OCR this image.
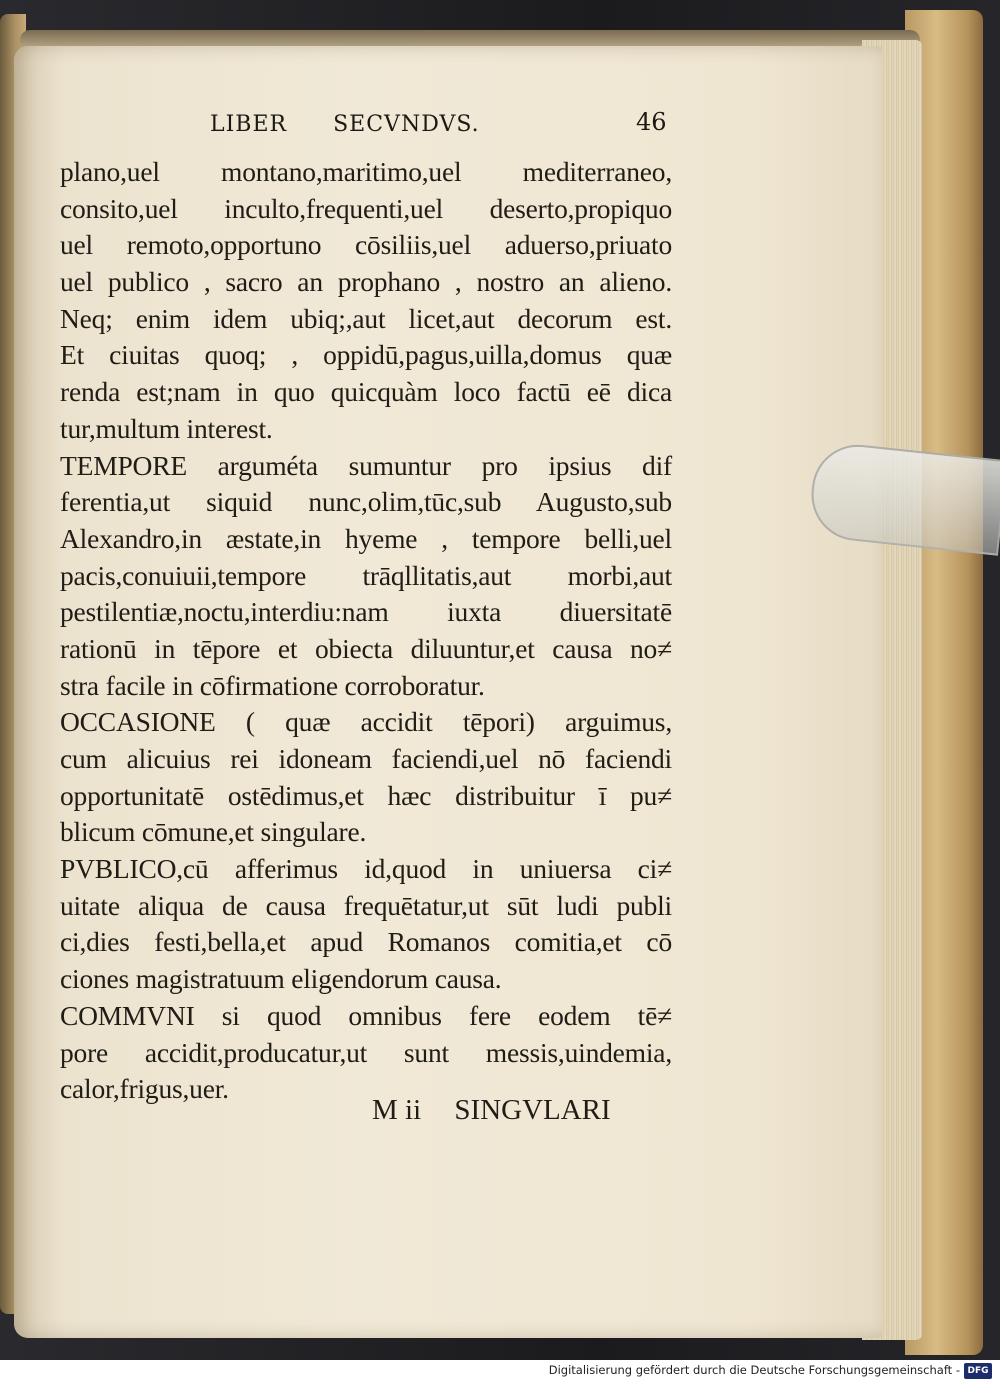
LIBER SECVNDVS.	46
plano,uel montano,maritimo,uel mediterraneo,
consito,uel inculto,frequenti,uel deserto,propiquo
uel remoto,opportuno cōsiliis,uel aduerso,priuato
uel publico , sacro an prophano , nostro an alieno.
Neq; enim idem ubiq;,aut licet,aut decorum est.
Et ciuitas quoq; , oppidū,pagus,uilla,domus quæ
renda est;nam in quo quicquàm loco factū eē dica
tur,multum interest.
TEMPORE arguméta sumuntur pro ipsius dif
ferentia,ut siquid nunc,olim,tūc,sub Augusto,sub
Alexandro,in æstate,in hyeme , tempore belli,uel
pacis,conuiuii,tempore trāqllitatis,aut morbi,aut
pestilentiæ,noctu,interdiu:nam iuxta diuersitatē
rationū in tēpore et obiecta diluuntur,et causa no≠
stra facile in cōfirmatione corroboratur.
OCCASIONE ( quæ accidit tēpori) arguimus,
cum alicuius rei idoneam faciendi,uel nō faciendi
opportunitatē ostēdimus,et hæc distribuitur ī pu≠
blicum cōmune,et singulare.
PVBLICO,cū afferimus id,quod in uniuersa ci≠
uitate aliqua de causa frequētatur,ut sūt ludi publi
ci,dies festi,bella,et apud Romanos comitia,et cō
ciones magistratuum eligendorum causa.
COMMVNI si quod omnibus fere eodem tē≠
pore accidit,producatur,ut sunt messis,uindemia,
calor,frigus,uer.
M ii SINGVLARI
Digitalisierung gefördert durch die Deutsche Forschungsgemeinschaft - DFG
